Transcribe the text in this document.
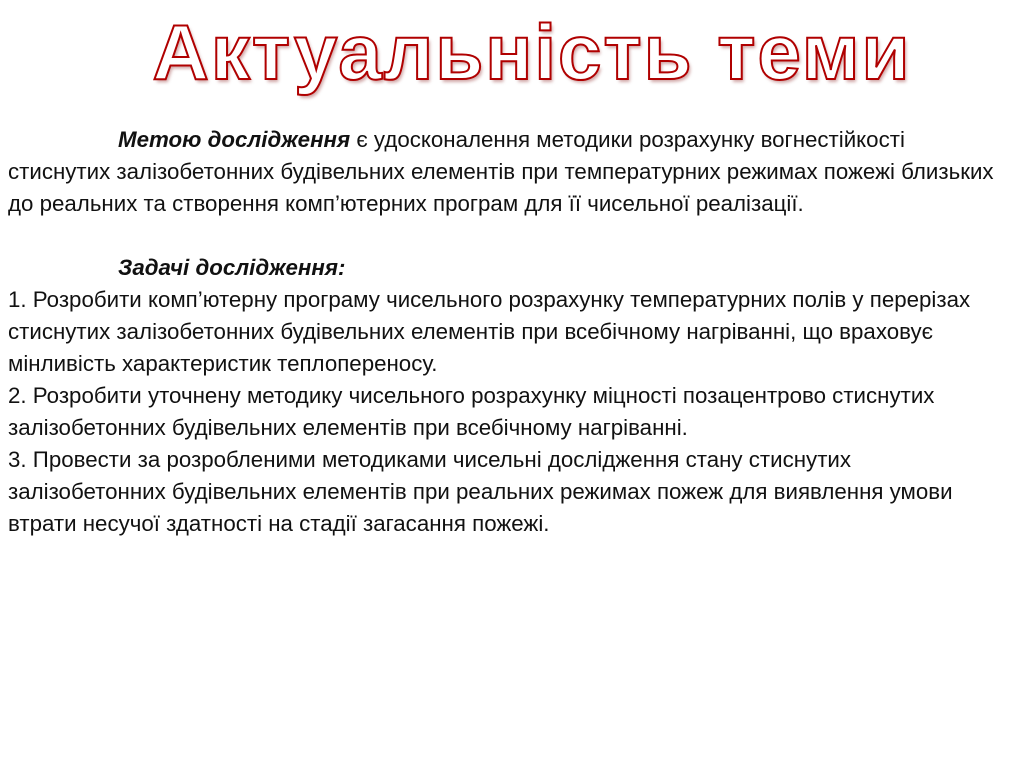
Актуальність теми

Метою дослідження є удосконалення методики розрахунку вогнестійкості стиснутих залізобетонних будівельних елементів при температурних режимах пожежі близьких до реальних та створення комп’ютерних програм для її чисельної реалізації.

Задачі дослідження:

1. Розробити комп’ютерну програму чисельного розрахунку температурних полів у перерізах стиснутих залізобетонних будівельних елементів при всебічному нагріванні, що враховує мінливість характеристик теплопереносу.

2. Розробити уточнену методику чисельного розрахунку міцності позацентрово стиснутих залізобетонних будівельних елементів при всебічному нагріванні.

3. Провести за розробленими методиками чисельні дослідження стану стиснутих залізобетонних будівельних елементів при реальних режимах пожеж для виявлення умови втрати несучої здатності на стадії загасання пожежі.
